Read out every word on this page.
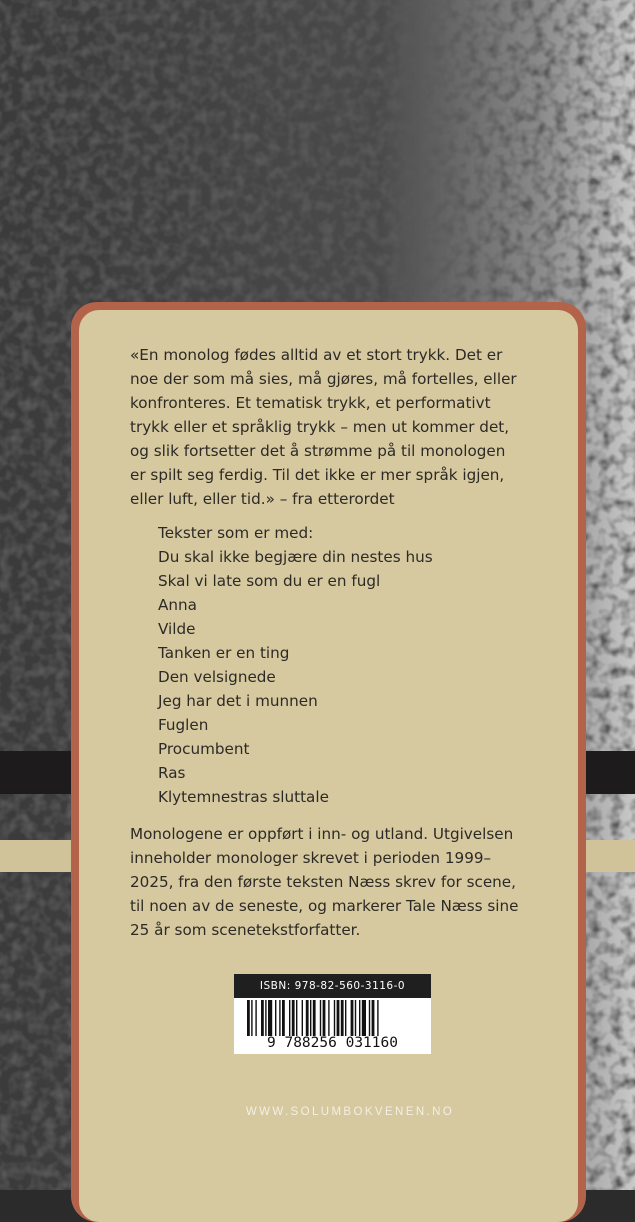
«En monolog fødes alltid av et stort trykk. Det er
noe der som må sies, må gjøres, må fortelles, eller
konfronteres. Et tematisk trykk, et performativt
trykk eller et språklig trykk – men ut kommer det,
og slik fortsetter det å strømme på til monologen
er spilt seg ferdig. Til det ikke er mer språk igjen,
eller luft, eller tid.» – fra etterordet
Tekster som er med:
Du skal ikke begjære din nestes hus
Skal vi late som du er en fugl
Anna
Vilde
Tanken er en ting
Den velsignede
Jeg har det i munnen
Fuglen
Procumbent
Ras
Klytemnestras sluttale
Monologene er oppført i inn- og utland. Utgivelsen
inneholder monologer skrevet i perioden 1999–
2025, fra den første teksten Næss skrev for scene,
til noen av de seneste, og markerer Tale Næss sine
25 år som scenetekstforfatter.
ISBN: 978-82-560-3116-0
9 788256 031160
WWW.SOLUMBOKVENEN.NO
